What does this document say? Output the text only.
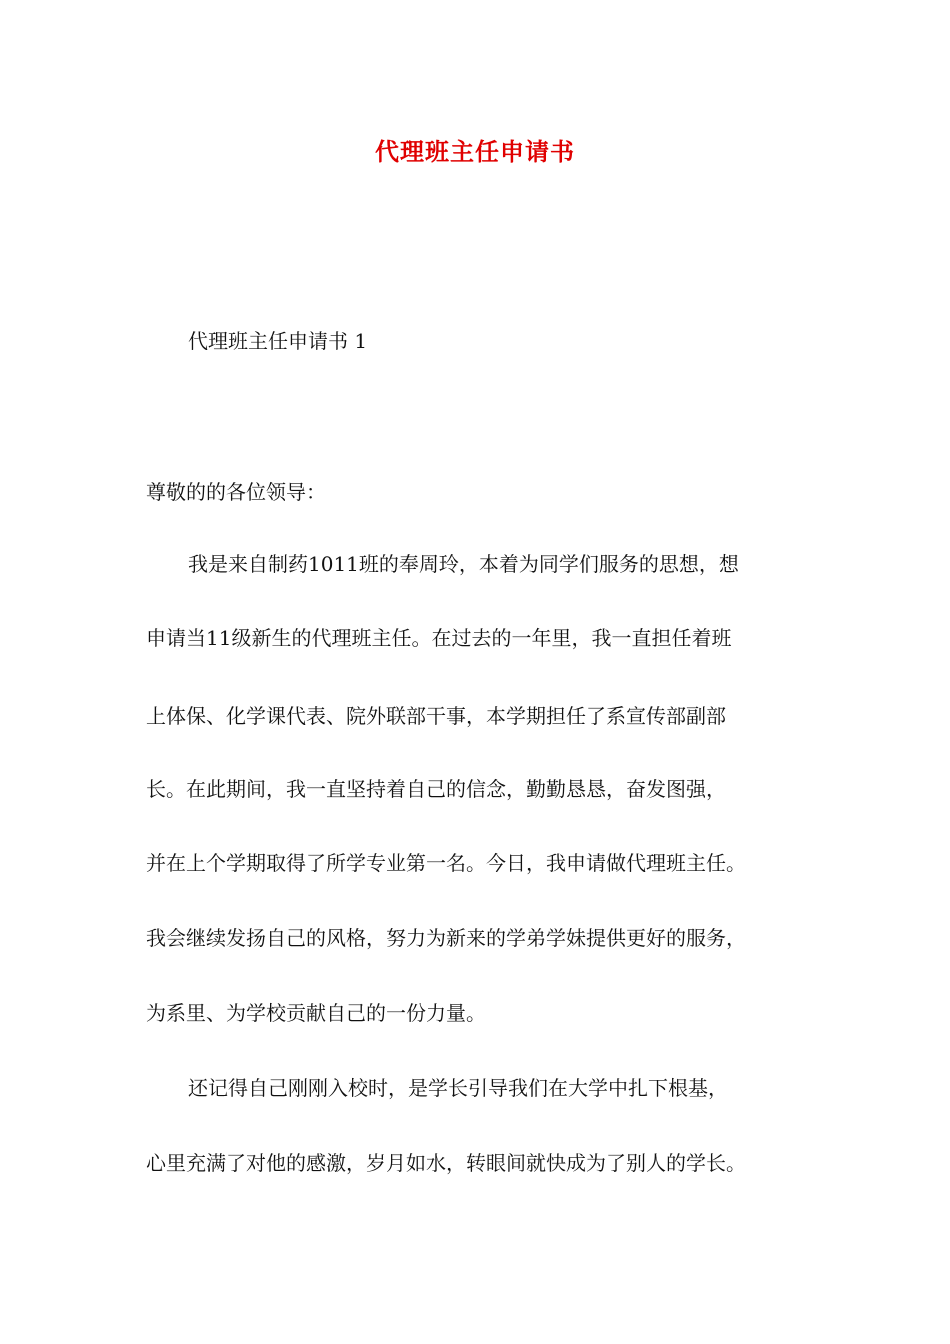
代理班主任申请书
代理班主任申请书 1
尊敬的的各位领导：
我是来自制药1011班的奉周玲，本着为同学们服务的思想，想
申请当11级新生的代理班主任。在过去的一年里，我一直担任着班
上体保、化学课代表、院外联部干事，本学期担任了系宣传部副部
长。在此期间，我一直坚持着自己的信念，勤勤恳恳，奋发图强，
并在上个学期取得了所学专业第一名。今日，我申请做代理班主任。
我会继续发扬自己的风格，努力为新来的学弟学妹提供更好的服务，
为系里、为学校贡献自己的一份力量。
还记得自己刚刚入校时，是学长引导我们在大学中扎下根基，
心里充满了对他的感激，岁月如水，转眼间就快成为了别人的学长。
